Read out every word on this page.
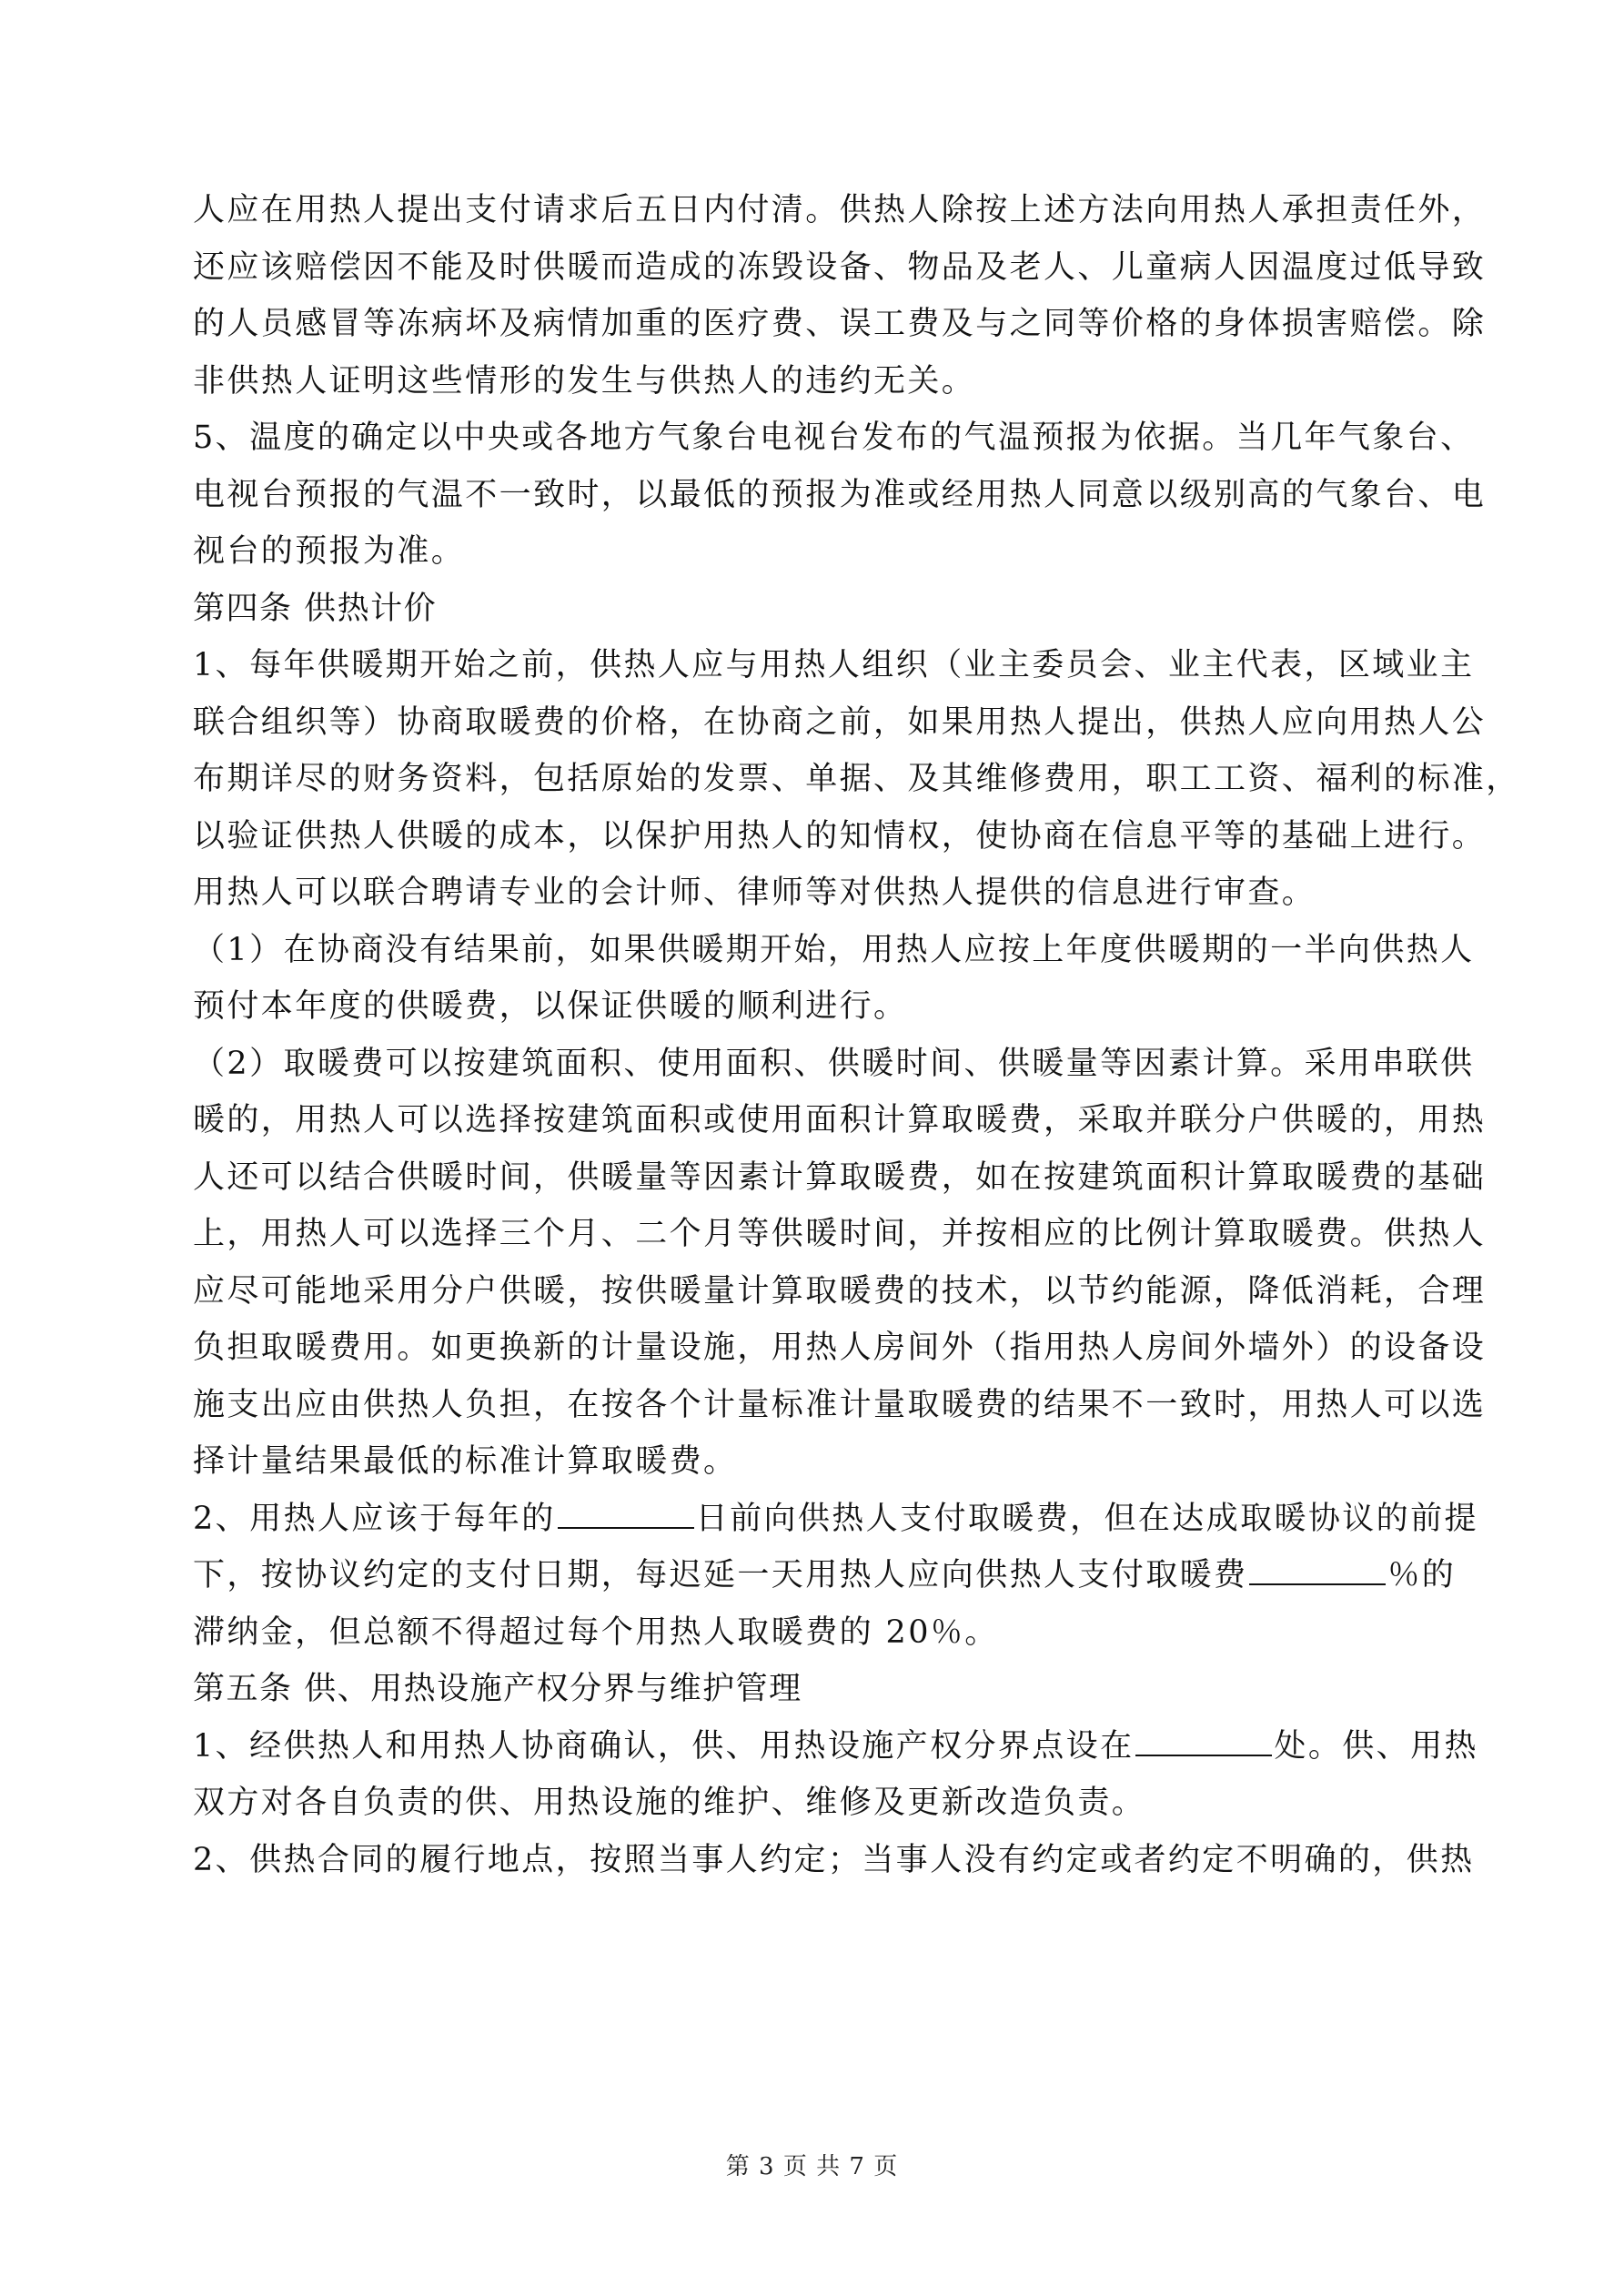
人应在用热人提出支付请求后五日内付清。供热人除按上述方法向用热人承担责任外，
还应该赔偿因不能及时供暖而造成的冻毁设备、物品及老人、儿童病人因温度过低导致
的人员感冒等冻病坏及病情加重的医疗费、误工费及与之同等价格的身体损害赔偿。除
非供热人证明这些情形的发生与供热人的违约无关。
5、温度的确定以中央或各地方气象台电视台发布的气温预报为依据。当几年气象台、
电视台预报的气温不一致时，以最低的预报为准或经用热人同意以级别高的气象台、电
视台的预报为准。
第四条 供热计价
1、每年供暖期开始之前，供热人应与用热人组织（业主委员会、业主代表，区域业主
联合组织等）协商取暖费的价格，在协商之前，如果用热人提出，供热人应向用热人公
布期详尽的财务资料，包括原始的发票、单据、及其维修费用，职工工资、福利的标准，
以验证供热人供暖的成本，以保护用热人的知情权，使协商在信息平等的基础上进行。
用热人可以联合聘请专业的会计师、律师等对供热人提供的信息进行审查。
（1）在协商没有结果前，如果供暖期开始，用热人应按上年度供暖期的一半向供热人
预付本年度的供暖费，以保证供暖的顺利进行。
（2）取暖费可以按建筑面积、使用面积、供暖时间、供暖量等因素计算。采用串联供
暖的，用热人可以选择按建筑面积或使用面积计算取暖费，采取并联分户供暖的，用热
人还可以结合供暖时间，供暖量等因素计算取暖费，如在按建筑面积计算取暖费的基础
上，用热人可以选择三个月、二个月等供暖时间，并按相应的比例计算取暖费。供热人
应尽可能地采用分户供暖，按供暖量计算取暖费的技术，以节约能源，降低消耗，合理
负担取暖费用。如更换新的计量设施，用热人房间外（指用热人房间外墙外）的设备设
施支出应由供热人负担，在按各个计量标准计量取暖费的结果不一致时，用热人可以选
择计量结果最低的标准计算取暖费。
2、用热人应该于每年的	日前向供热人支付取暖费，但在达成取暖协议的前提
下，按协议约定的支付日期，每迟延一天用热人应向供热人支付取暖费	％的
滞纳金，但总额不得超过每个用热人取暖费的 20％。
第五条 供、用热设施产权分界与维护管理
1、经供热人和用热人协商确认，供、用热设施产权分界点设在	处。供、用热
双方对各自负责的供、用热设施的维护、维修及更新改造负责。
2、供热合同的履行地点，按照当事人约定；当事人没有约定或者约定不明确的，供热
第 3 页 共 7 页
